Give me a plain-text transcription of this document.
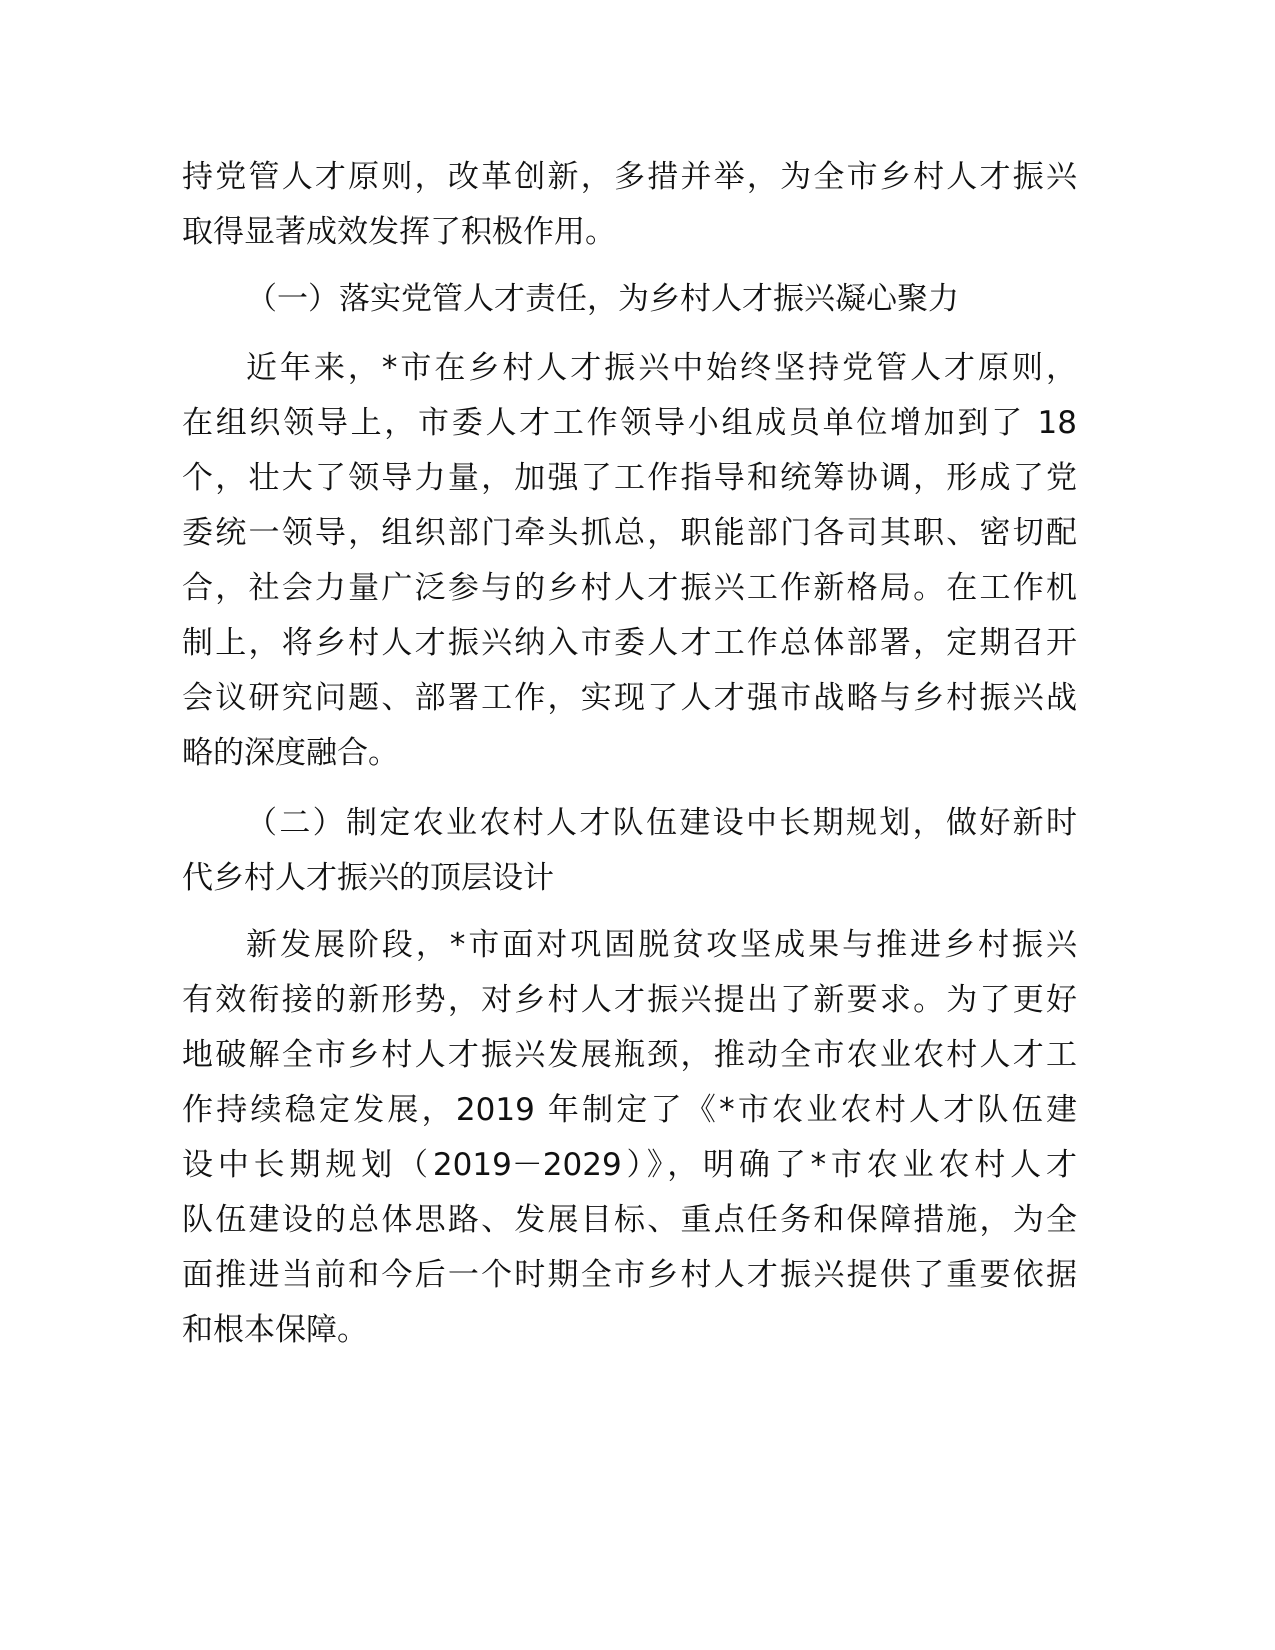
持党管人才原则，改革创新，多措并举，为全市乡村人才振兴
取得显著成效发挥了积极作用。
（一）落实党管人才责任，为乡村人才振兴凝心聚力
近年来，*市在乡村人才振兴中始终坚持党管人才原则，
在组织领导上，市委人才工作领导小组成员单位增加到了 18
个，壮大了领导力量，加强了工作指导和统筹协调，形成了党
委统一领导，组织部门牵头抓总，职能部门各司其职、密切配
合，社会力量广泛参与的乡村人才振兴工作新格局。在工作机
制上，将乡村人才振兴纳入市委人才工作总体部署，定期召开
会议研究问题、部署工作，实现了人才强市战略与乡村振兴战
略的深度融合。
（二）制定农业农村人才队伍建设中长期规划，做好新时
代乡村人才振兴的顶层设计
新发展阶段，*市面对巩固脱贫攻坚成果与推进乡村振兴
有效衔接的新形势，对乡村人才振兴提出了新要求。为了更好
地破解全市乡村人才振兴发展瓶颈，推动全市农业农村人才工
作持续稳定发展，2019 年制定了《*市农业农村人才队伍建
设中长期规划（2019－2029）》，明确了*市农业农村人才
队伍建设的总体思路、发展目标、重点任务和保障措施，为全
面推进当前和今后一个时期全市乡村人才振兴提供了重要依据
和根本保障。
